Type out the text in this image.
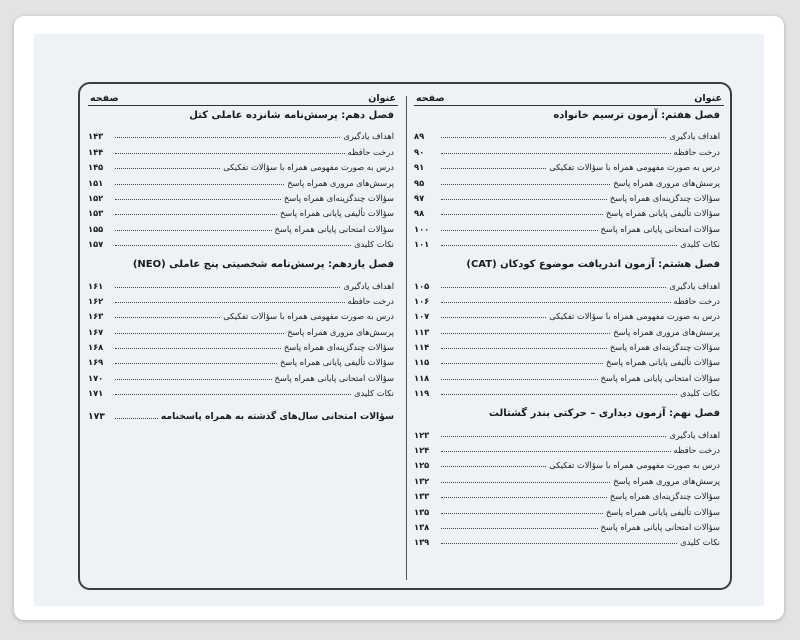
عنوان
صفحه
فصل هفتم: آزمون ترسیم خانواده
اهداف یادگیری
۸۹
درخت حافظه
۹۰
درس به صورت مفهومی همراه با سؤالات تفکیکی
۹۱
پرسش‌های مروری همراه پاسخ
۹۵
سؤالات چندگزینه‌ای همراه پاسخ
۹۷
سؤالات تألیفی پایانی همراه پاسخ
۹۸
سؤالات امتحانی پایانی همراه پاسخ
۱۰۰
نکات کلیدی
۱۰۱
فصل هشتم: آزمون اندریافت موضوع کودکان (CAT)
اهداف یادگیری
۱۰۵
درخت حافظه
۱۰۶
درس به صورت مفهومی همراه با سؤالات تفکیکی
۱۰۷
پرسش‌های مروری همراه پاسخ
۱۱۳
سؤالات چندگزینه‌ای همراه پاسخ
۱۱۴
سؤالات تألیفی پایانی همراه پاسخ
۱۱۵
سؤالات امتحانی پایانی همراه پاسخ
۱۱۸
نکات کلیدی
۱۱۹
فصل نهم: آزمون دیداری – حرکتی بندر گشتالت
اهداف یادگیری
۱۲۳
درخت حافظه
۱۲۴
درس به صورت مفهومی همراه با سؤالات تفکیکی
۱۲۵
پرسش‌های مروری همراه پاسخ
۱۳۲
سؤالات چندگزینه‌ای همراه پاسخ
۱۳۳
سؤالات تألیفی پایانی همراه پاسخ
۱۳۵
سؤالات امتحانی پایانی همراه پاسخ
۱۳۸
نکات کلیدی
۱۳۹
عنوان
صفحه
فصل دهم: پرسش‌نامه شانزده عاملی کتل
اهداف یادگیری
۱۴۳
درخت حافظه
۱۴۴
درس به صورت مفهومی همراه با سؤالات تفکیکی
۱۴۵
پرسش‌های مروری همراه پاسخ
۱۵۱
سؤالات چندگزینه‌ای همراه پاسخ
۱۵۲
سؤالات تألیفی پایانی همراه پاسخ
۱۵۳
سؤالات امتحانی پایانی همراه پاسخ
۱۵۵
نکات کلیدی
۱۵۷
فصل یازدهم: پرسش‌نامه شخصیتی پنج عاملی (NEO)
اهداف یادگیری
۱۶۱
درخت حافظه
۱۶۲
درس به صورت مفهومی همراه با سؤالات تفکیکی
۱۶۳
پرسش‌های مروری همراه پاسخ
۱۶۷
سؤالات چندگزینه‌ای همراه پاسخ
۱۶۸
سؤالات تألیفی پایانی همراه پاسخ
۱۶۹
سؤالات امتحانی پایانی همراه پاسخ
۱۷۰
نکات کلیدی
۱۷۱
سؤالات امتحانی سال‌های گذشته به همراه پاسخنامه
۱۷۳
